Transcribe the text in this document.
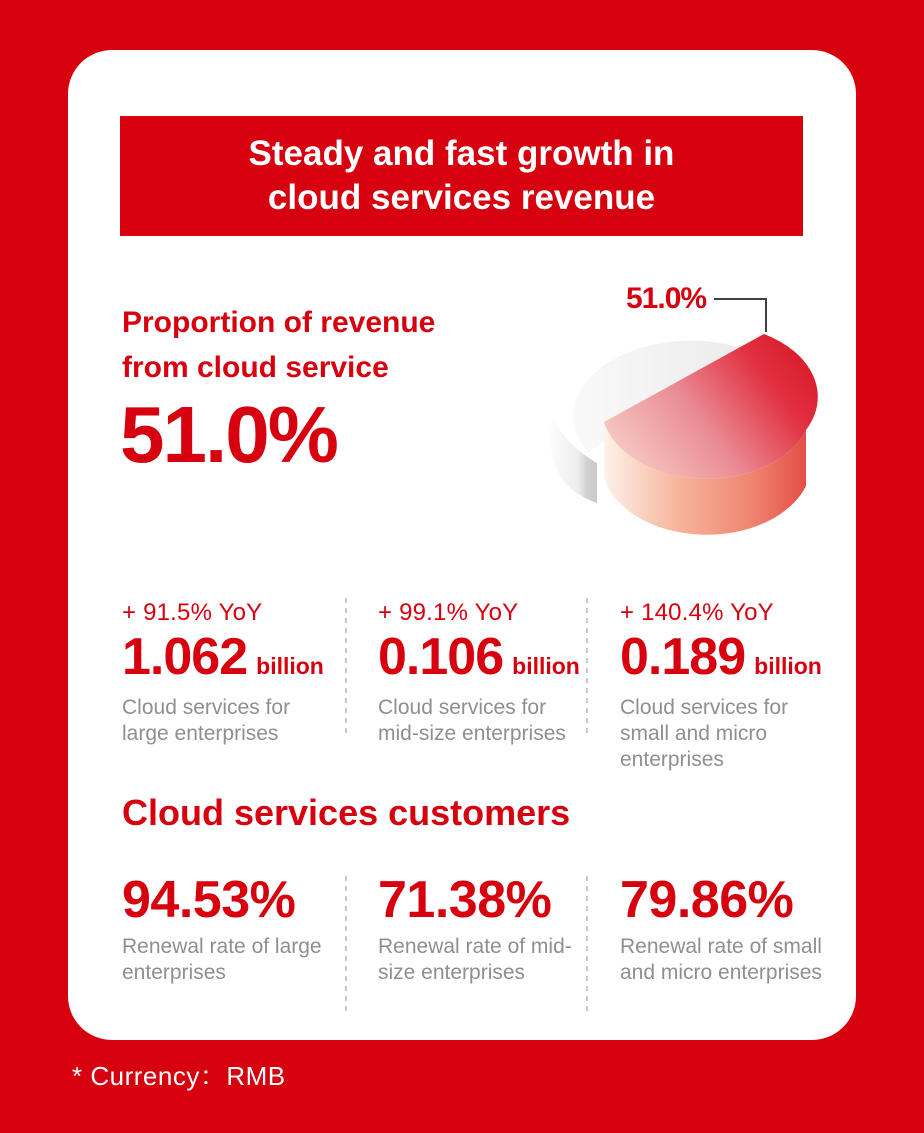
Steady and fast growth in
cloud services revenue
Proportion of revenue
from cloud service
51.0%
51.0%
+ 91.5% YoY
1.062 billion
Cloud services for large enterprises
+ 99.1% YoY
0.106 billion
Cloud services for mid-size enterprises
+ 140.4% YoY
0.189 billion
Cloud services for small and micro enterprises
Cloud services customers
94.53%
Renewal rate of large enterprises
71.38%
Renewal rate of mid-size enterprises
79.86%
Renewal rate of small and micro enterprises
* Currency：RMB
